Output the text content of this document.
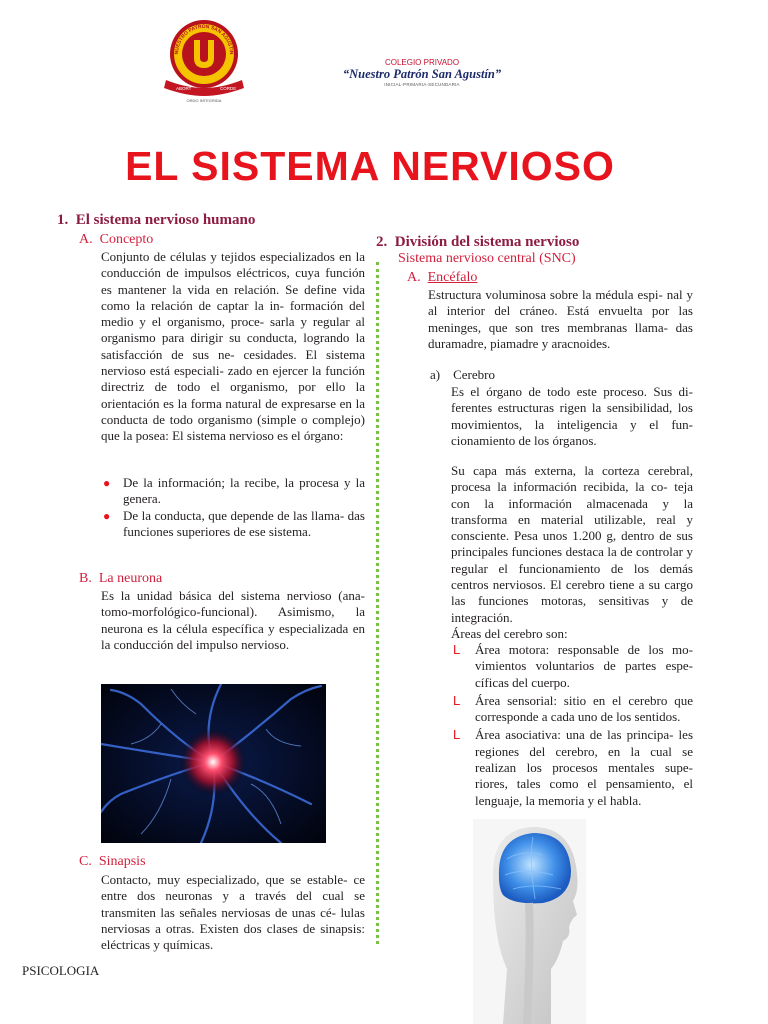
NUESTRO PATRÓN SAN AGUSTÍN
ABORT	CORDE
ORDO INTEGRIDA
COLEGIO PRIVADO
“Nuestro Patrón San Agustín”
INICIAL-PRIMARIA-SECUNDARIA
EL SISTEMA NERVIOSO
1. El sistema nervioso humano
A. Concepto
Conjunto de células y tejidos especializados en la conducción de impulsos eléctricos, cuya función es mantener la vida en relación. Se define vida como la relación de captar la in- formación del medio y el organismo, proce- sarla y regular al organismo para dirigir su conducta, logrando la satisfacción de sus ne- cesidades. El sistema nervioso está especiali- zado en ejercer la función directriz de todo el organismo, por ello la orientación es la forma natural de expresarse en la conducta de todo organismo (simple o complejo) que la posea: El sistema nervioso es el órgano:
● De la información; la recibe, la procesa y la genera.
● De la conducta, que depende de las llama- das funciones superiores de ese sistema.
B. La neurona
Es la unidad básica del sistema nervioso (ana- tomo-morfológico-funcional). Asimismo, la neurona es la célula específica y especializada en la conducción del impulso nervioso.
C. Sinapsis
Contacto, muy especializado, que se estable- ce entre dos neuronas y a través del cual se transmiten las señales nerviosas de unas cé- lulas nerviosas a otras. Existen dos clases de sinapsis: eléctricas y químicas.
2. División del sistema nervioso
Sistema nervioso central (SNC)
A. Encéfalo
Estructura voluminosa sobre la médula espi- nal y al interior del cráneo. Está envuelta por las meninges, que son tres membranas llama- das duramadre, piamadre y aracnoides.
a) Cerebro
Es el órgano de todo este proceso. Sus di- ferentes estructuras rigen la sensibilidad, los movimientos, la inteligencia y el fun- cionamiento de los órganos.
Su capa más externa, la corteza cerebral, procesa la información recibida, la co- teja con la información almacenada y la transforma en material utilizable, real y consciente. Pesa unos 1.200 g, dentro de sus principales funciones destaca la de controlar y regular el funcionamiento de los demás centros nerviosos. El cerebro tiene a su cargo las funciones motoras, sensitivas y de integración.
Áreas del cerebro son:
L Área motora: responsable de los mo- vimientos voluntarios de partes espe- cíficas del cuerpo.
L Área sensorial: sitio en el cerebro que corresponde a cada uno de los sentidos.
L Área asociativa: una de las principa- les regiones del cerebro, en la cual se realizan los procesos mentales supe- riores, tales como el pensamiento, el lenguaje, la memoria y el habla.
PSICOLOGIA
